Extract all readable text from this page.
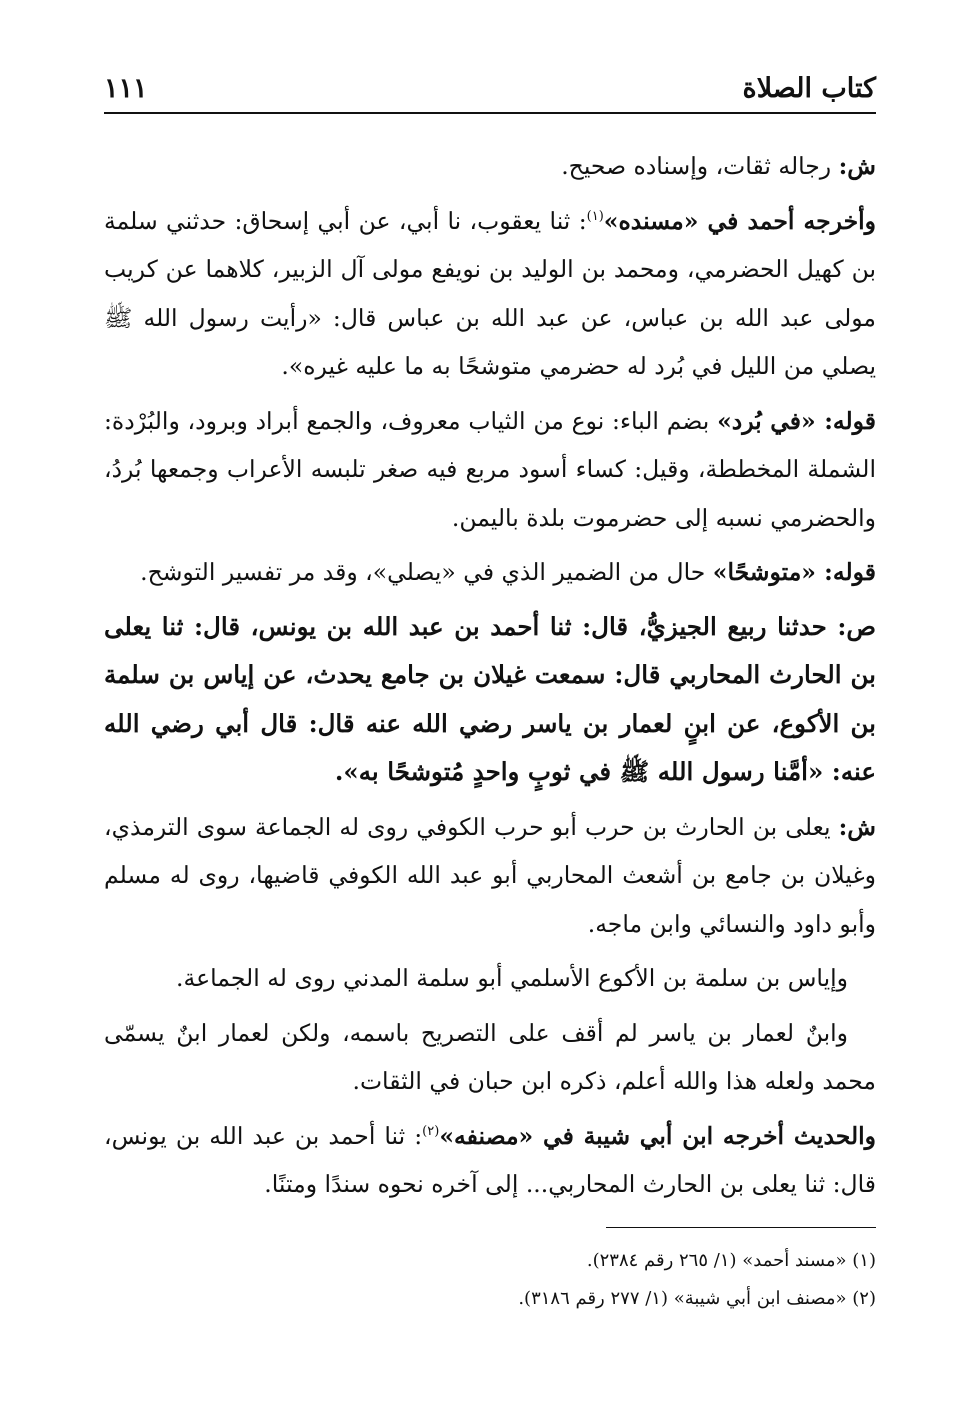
كتاب الصلاة
١١١

ش: رجاله ثقات، وإسناده صحيح.

وأخرجه أحمد في «مسنده»$^{(١)}$: ثنا يعقوب، نا أبي، عن أبي إسحاق: حدثني سلمة بن كهيل الحضرمي، ومحمد بن الوليد بن نويفع مولى آل الزبير، كلاهما عن كريب مولى عبد الله بن عباس، عن عبد الله بن عباس قال: «رأيت رسول الله ﷺ يصلي من الليل في بُرد له حضرمي متوشحًا به ما عليه غيره».

قوله: «في بُرد» بضم الباء: نوع من الثياب معروف، والجمع أبراد وبرود، والبُرْدة: الشملة المخططة، وقيل: كساء أسود مربع فيه صغر تلبسه الأعراب وجمعها بُردُ، والحضرمي نسبه إلى حضرموت بلدة باليمن.

قوله: «متوشحًا» حال من الضمير الذي في «يصلي»، وقد مر تفسير التوشح.

ص: حدثنا ربيع الجيزيُّ، قال: ثنا أحمد بن عبد الله بن يونس، قال: ثنا يعلى بن الحارث المحاربي قال: سمعت غيلان بن جامع يحدث، عن إياس بن سلمة بن الأكوع، عن ابنٍ لعمار بن ياسر رضي الله عنه قال: قال أبي رضي الله عنه: «أمَّنا رسول الله ﷺ في ثوبٍ واحدٍ مُتوشحًا به».

ش: يعلى بن الحارث بن حرب أبو حرب الكوفي روى له الجماعة سوى الترمذي، وغيلان بن جامع بن أشعث المحاربي أبو عبد الله الكوفي قاضيها، روى له مسلم وأبو داود والنسائي وابن ماجه.

وإياس بن سلمة بن الأكوع الأسلمي أبو سلمة المدني روى له الجماعة.

وابنٌ لعمار بن ياسر لم أقف على التصريح باسمه، ولكن لعمار ابنٌ يسمّى محمد ولعله هذا والله أعلم، ذكره ابن حبان في الثقات.

والحديث أخرجه ابن أبي شيبة في «مصنفه»$^{(٢)}$: ثنا أحمد بن عبد الله بن يونس، قال: ثنا يعلى بن الحارث المحاربي... إلى آخره نحوه سندًا ومتنًا.

(١) «مسند أحمد» (١/ ٢٦٥ رقم ٢٣٨٤).

(٢) «مصنف ابن أبي شيبة» (١/ ٢٧٧ رقم ٣١٨٦).
